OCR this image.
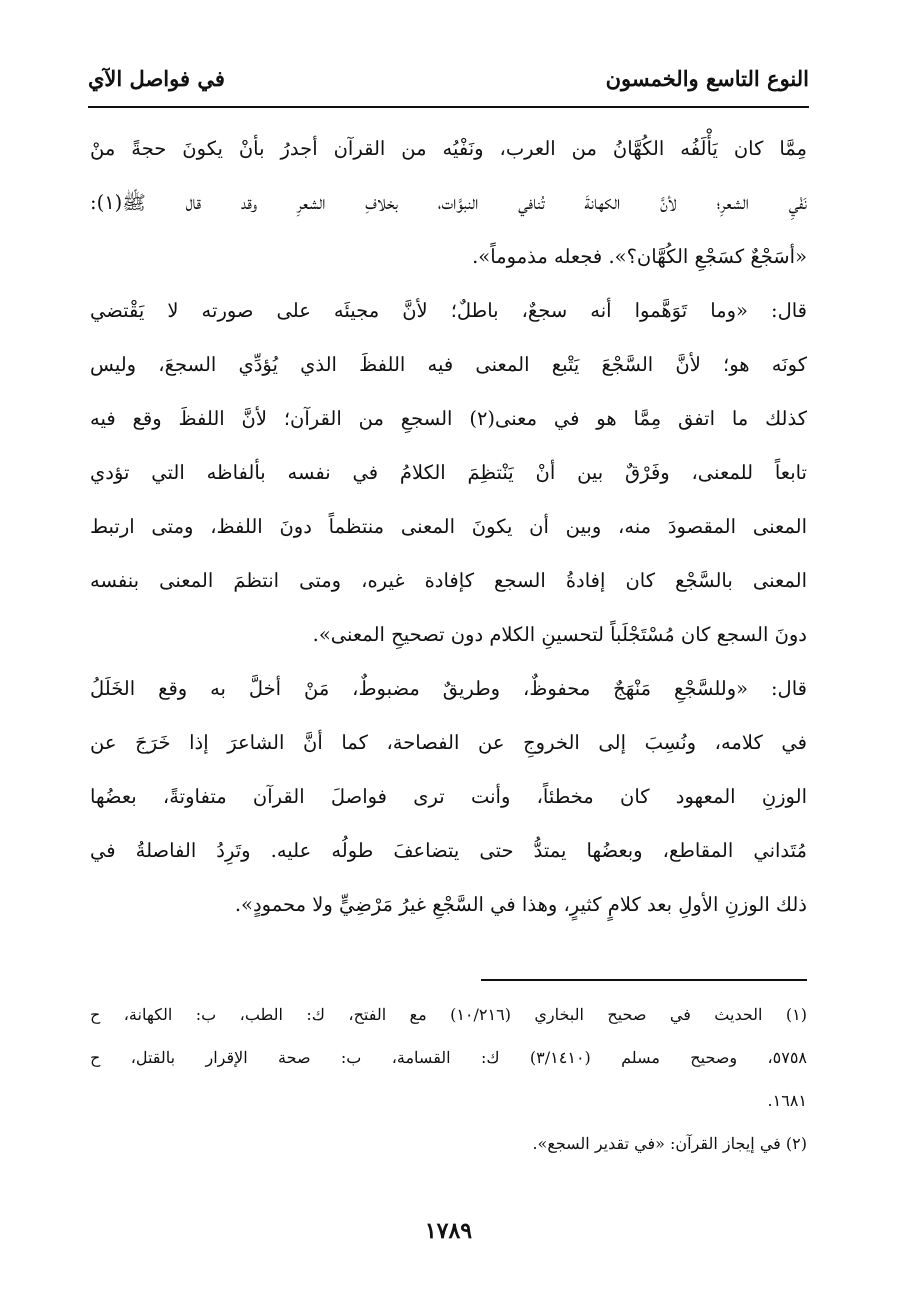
النوع التاسع والخمسون
في فواصل الآي
مِمَّا كان يَأْلَفُه الكُهَّانُ من العرب، ونَفْيُه من القرآن أجدرُ بأنْ يكونَ حجةً منْ
نَفْيِ الشعرِ؛ لأنَّ الكهانةَ تُنافي النبوَّات، بخلافِ الشعرِ وقد قال ﷺ(١):
«أسَجْعٌ كسَجْعِ الكُهَّان؟». فجعله مذموماً».
قال: «وما تَوَهَّموا أنه سجعٌ، باطلٌ؛ لأنَّ مجيئَه على صورته لا يَقْتضي
كونَه هو؛ لأنَّ السَّجْعَ يَتْبع المعنى فيه اللفظَ الذي يُؤدِّي السجعَ، وليس
كذلك ما اتفق مِمَّا هو في معنى(٢) السجعِ من القرآن؛ لأنَّ اللفظَ وقع فيه
تابعاً للمعنى، وفَرْقٌ بين أنْ يَنْتظِمَ الكلامُ في نفسه بألفاظه التي تؤدي
المعنى المقصودَ منه، وبين أن يكونَ المعنى منتظماً دونَ اللفظ، ومتى ارتبط
المعنى بالسَّجْع كان إفادةُ السجع كإفادة غيره، ومتى انتظمَ المعنى بنفسه
دونَ السجع كان مُسْتَجْلَباً لتحسينِ الكلام دون تصحيحِ المعنى».
قال: «وللسَّجْعِ مَنْهَجٌ محفوظٌ، وطريقٌ مضبوطٌ، مَنْ أخلَّ به وقع الخَلَلُ
في كلامه، ونُسِبَ إلى الخروجِ عن الفصاحة، كما أنَّ الشاعرَ إذا خَرَجَ عن
الوزنِ المعهود كان مخطئاً، وأنت ترى فواصلَ القرآن متفاوتةً، بعضُها
مُتَداني المقاطع، وبعضُها يمتدُّ حتى يتضاعفَ طولُه عليه. وتَرِدُ الفاصلةُ في
ذلك الوزنِ الأولِ بعد كلامٍ كثيرٍ، وهذا في السَّجْعِ غيرُ مَرْضِيٍّ ولا محمودٍ».
(١) الحديث في صحيح البخاري (١٠/٢١٦) مع الفتح، ك: الطب، ب: الكهانة، ح
٥٧٥٨، وصحيح مسلم (٣/١٤١٠) ك: القسامة، ب: صحة الإقرار بالقتل، ح
١٦٨١.
(٢) في إيجاز القرآن: «في تقدير السجع».
١٧٨٩
